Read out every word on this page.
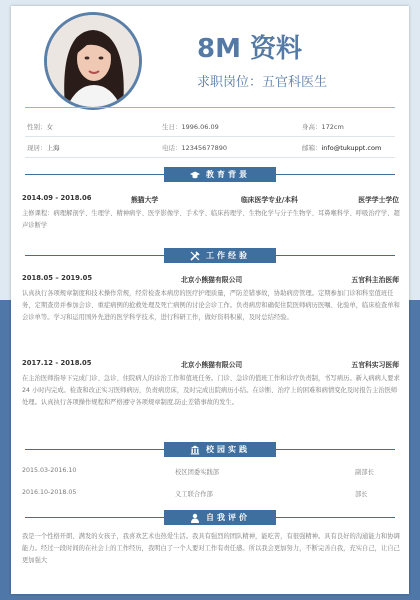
8M 资料
求职岗位：五官科医生
性别：女	生日：1996.06.09	身高：172cm
现居：上海	电话：12345677890	邮箱：info@tukuppt.com
教育背景
2014.09 - 2018.06	熊猫大学	临床医学专业/本科	医学学士学位
主修课程：病理解剖学、生理学、精神病学、医学影像学、手术学、临床药理学、生物化学与分子生物学、耳鼻喉科学、呼吸治疗学、超声诊断学
工作经验
2018.05 – 2019.05	北京小熊猫有限公司	五官科主治医师
认真执行各项规章制度和技术操作常规，经常检查本病房的医疗护理质量，严防差错事故，协助病房管理。定期参加门诊和科室值班任务，定期查房并参加会诊、重症病例的抢救处理及死亡病例的讨论会诊工作。负责病房和确促住院医师病历医嘱、化验单，临床检查单和会诊单等。学习和运用国外先进的医学科学技术，进行科研工作，做好资料积累，及时总结经验。
2017.12 - 2018.05	北京小熊猫有限公司	五官科实习医师
在主治医师指导下完成门诊、急诊、住院病人的诊治工作和值班任务。门诊、急诊的值班工作和诊疗负责制，书写病历。新入病病人要求 24 小时内完成。检查和改正实习医师病历，负责病房床，及时完成出院病历小结。在诊断、治疗上的困难和病情变化及时报告主治医师处理。认真执行各项操作规程和严格遵守各项规章制度,防止差错事故的发生。
校园实践
2015.03-2016.10	校区团委实践部	副部长
2016.10-2018.05	义工联合作部	部长
自我评价
我是一个性格开朗、满发的女孩子，我喜欢艺术也热爱生活。我具有强烈的团队精神，能吃苦，有很强精神。具有良好的沟通能力和协调能力。经过一段时间的在社会上的工作经历，我明白了一个人要对工作有责任感。所以我会更加努力，不断完善自我，充实自己，让自己更加强大
